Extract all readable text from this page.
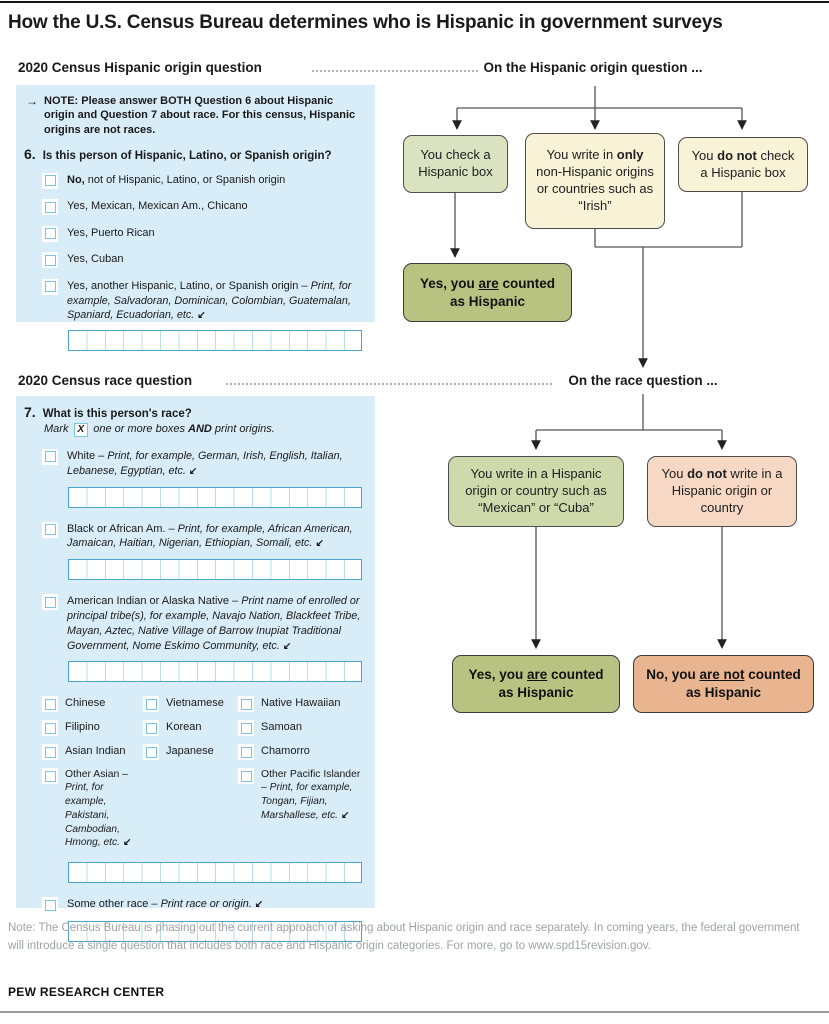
How the U.S. Census Bureau determines who is Hispanic in government surveys
2020 Census Hispanic origin question	On the Hispanic origin question ...
2020 Census race question	On the race question ...
→ NOTE: Please answer BOTH Question 6 about Hispanic origin and Question 7 about race. For this census, Hispanic origins are not races.
6. Is this person of Hispanic, Latino, or Spanish origin?
No, not of Hispanic, Latino, or Spanish origin
Yes, Mexican, Mexican Am., Chicano
Yes, Puerto Rican
Yes, Cuban
Yes, another Hispanic, Latino, or Spanish origin – Print, for example, Salvadoran, Dominican, Colombian, Guatemalan, Spaniard, Ecuadorian, etc. ↙
7. What is this person's race?
Mark X one or more boxes AND print origins.
White – Print, for example, German, Irish, English, Italian, Lebanese, Egyptian, etc. ↙
Black or African Am. – Print, for example, African American, Jamaican, Haitian, Nigerian, Ethiopian, Somali, etc. ↙
American Indian or Alaska Native – Print name of enrolled or principal tribe(s), for example, Navajo Nation, Blackfeet Tribe, Mayan, Aztec, Native Village of Barrow Inupiat Traditional Government, Nome Eskimo Community, etc. ↙
Chinese	Vietnamese	Native Hawaiian
Filipino	Korean	Samoan
Asian Indian	Japanese	Chamorro
Other Asian – Print, for example, Pakistani, Cambodian, Hmong, etc. ↙
Other Pacific Islander – Print, for example, Tongan, Fijian, Marshallese, etc. ↙
Some other race – Print race or origin. ↙
You check a Hispanic box
You write in only non-Hispanic origins or countries such as “Irish”
You do not check a Hispanic box
Yes, you are counted as Hispanic
You write in a Hispanic origin or country such as “Mexican” or “Cuba”
You do not write in a Hispanic origin or country
Yes, you are counted as Hispanic
No, you are not counted as Hispanic
Note: The Census Bureau is phasing out the current approach of asking about Hispanic origin and race separately. In coming years, the federal government will introduce a single question that includes both race and Hispanic origin categories. For more, go to www.spd15revision.gov.
PEW RESEARCH CENTER
